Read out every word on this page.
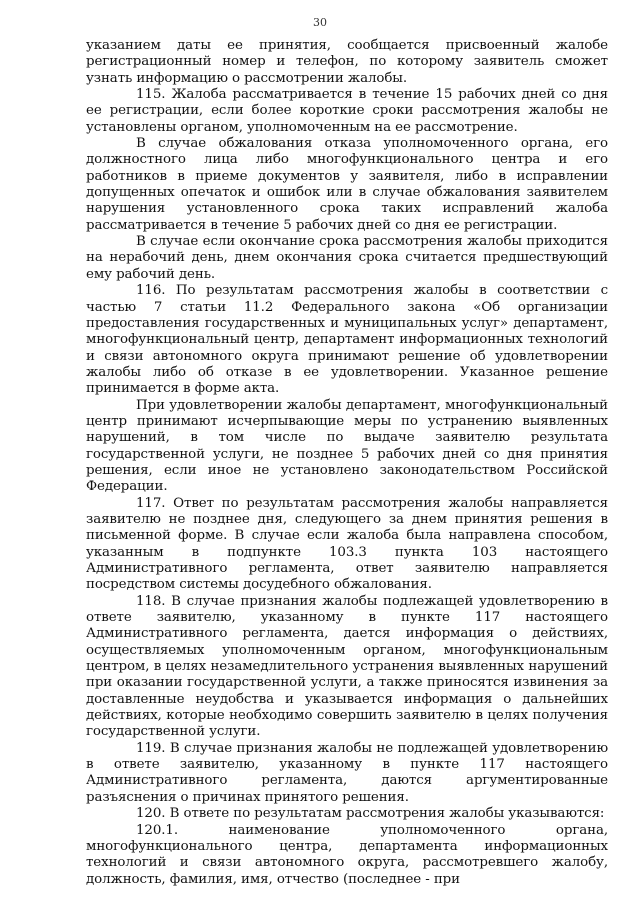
30

указанием даты ее принятия, сообщается присвоенный жалобе регистрационный номер и телефон, по которому заявитель сможет узнать информацию о рассмотрении жалобы.

115. Жалоба рассматривается в течение 15 рабочих дней со дня ее регистрации, если более короткие сроки рассмотрения жалобы не установлены органом, уполномоченным на ее рассмотрение.

В случае обжалования отказа уполномоченного органа, его должностного лица либо многофункционального центра и его работников в приеме документов у заявителя, либо в исправлении допущенных опечаток и ошибок или в случае обжалования заявителем нарушения установленного срока таких исправлений жалоба рассматривается в течение 5 рабочих дней со дня ее регистрации.

В случае если окончание срока рассмотрения жалобы приходится на нерабочий день, днем окончания срока считается предшествующий ему рабочий день.

116. По результатам рассмотрения жалобы в соответствии с частью 7 статьи 11.2 Федерального закона «Об организации предоставления государственных и муниципальных услуг» департамент, многофункциональный центр, департамент информационных технологий и связи автономного округа принимают решение об удовлетворении жалобы либо об отказе в ее удовлетворении. Указанное решение принимается в форме акта.

При удовлетворении жалобы департамент, многофункциональный центр принимают исчерпывающие меры по устранению выявленных нарушений, в том числе по выдаче заявителю результата государственной услуги, не позднее 5 рабочих дней со дня принятия решения, если иное не установлено законодательством Российской Федерации.

117. Ответ по результатам рассмотрения жалобы направляется заявителю не позднее дня, следующего за днем принятия решения в письменной форме. В случае если жалоба была направлена способом, указанным в подпункте 103.3 пункта 103 настоящего Административного регламента, ответ заявителю направляется посредством системы досудебного обжалования.

118. В случае признания жалобы подлежащей удовлетворению в ответе заявителю, указанному в пункте 117 настоящего Административного регламента, дается информация о действиях, осуществляемых уполномоченным органом, многофункциональным центром, в целях незамедлительного устранения выявленных нарушений при оказании государственной услуги, а также приносятся извинения за доставленные неудобства и указывается информация о дальнейших действиях, которые необходимо совершить заявителю в целях получения государственной услуги.

119. В случае признания жалобы не подлежащей удовлетворению в ответе заявителю, указанному в пункте 117 настоящего Административного регламента, даются аргументированные разъяснения о причинах принятого решения.

120. В ответе по результатам рассмотрения жалобы указываются:

120.1. наименование уполномоченного органа, многофункционального центра, департамента информационных технологий и связи автономного округа, рассмотревшего жалобу, должность, фамилия, имя, отчество (последнее - при
